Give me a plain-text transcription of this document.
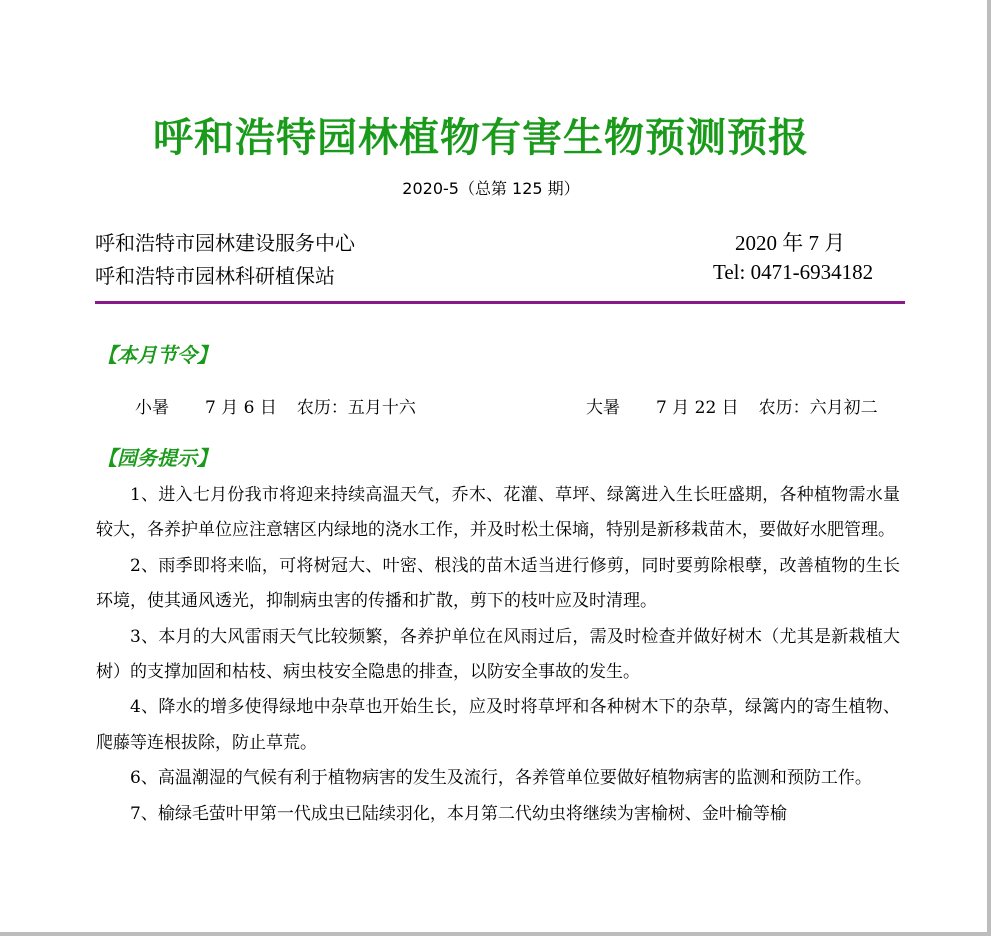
呼和浩特园林植物有害生物预测预报
2020-5（总第 125 期）
呼和浩特市园林建设服务中心
呼和浩特市园林科研植保站
2020 年 7 月
Tel: 0471-6934182
【本月节令】
小暑 7 月 6 日 农历：五月十六	大暑 7 月 22 日 农历：六月初二
【园务提示】

1、进入七月份我市将迎来持续高温天气，乔木、花灌、草坪、绿篱进入生长旺盛期，各种植物需水量较大，各养护单位应注意辖区内绿地的浇水工作，并及时松土保墒，特别是新移栽苗木，要做好水肥管理。

2、雨季即将来临，可将树冠大、叶密、根浅的苗木适当进行修剪，同时要剪除根孽，改善植物的生长环境，使其通风透光，抑制病虫害的传播和扩散，剪下的枝叶应及时清理。

3、本月的大风雷雨天气比较频繁，各养护单位在风雨过后，需及时检查并做好树木（尤其是新栽植大树）的支撑加固和枯枝、病虫枝安全隐患的排查，以防安全事故的发生。

4、降水的增多使得绿地中杂草也开始生长，应及时将草坪和各种树木下的杂草，绿篱内的寄生植物、爬藤等连根拔除，防止草荒。

6、高温潮湿的气候有利于植物病害的发生及流行，各养管单位要做好植物病害的监测和预防工作。

7、榆绿毛萤叶甲第一代成虫已陆续羽化，本月第二代幼虫将继续为害榆树、金叶榆等榆
